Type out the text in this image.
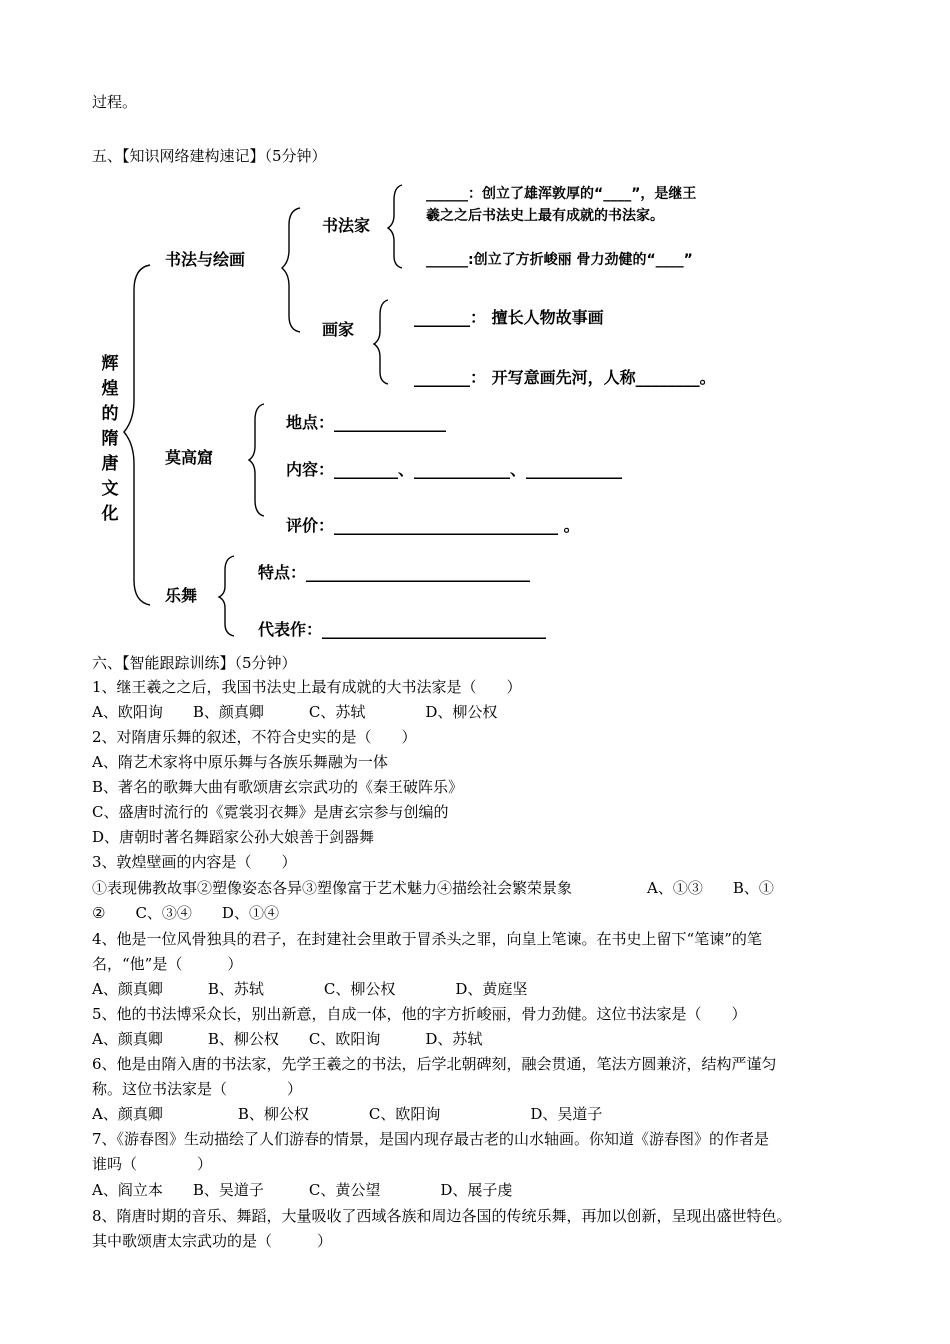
过程。
五、【知识网络建构速记】（5分钟）
辉
煌
的
隋
唐
文
化
书法与绘画
书法家
______：创立了雄浑敦厚的“____”，是继王
羲之之后书法史上最有成就的书法家。
______:创立了方折峻丽 骨力劲健的“____”
画家
_______： 擅长人物故事画
_______： 开写意画先河，人称________。
莫高窟
地点：______________
内容：________、____________、____________
评价：____________________________ 。
乐舞
特点：____________________________
代表作：____________________________
六、【智能跟踪训练】（5分钟）
1、继王羲之之后，我国书法史上最有成就的大书法家是（　　）
A、欧阳询　　B、颜真卿　　　C、苏轼　　　　D、柳公权
2、对隋唐乐舞的叙述，不符合史实的是（　　）
A、隋艺术家将中原乐舞与各族乐舞融为一体
B、著名的歌舞大曲有歌颂唐玄宗武功的《秦王破阵乐》
C、盛唐时流行的《霓裳羽衣舞》是唐玄宗参与创编的
D、唐朝时著名舞蹈家公孙大娘善于剑器舞
3、敦煌壁画的内容是（　　）
①表现佛教故事②塑像姿态各异③塑像富于艺术魅力④描绘社会繁荣景象　　　　　A、①③　　B、①
②　　C、③④　　D、①④
4、他是一位风骨独具的君子，在封建社会里敢于冒杀头之罪，向皇上笔谏。在书史上留下“笔谏”的笔
名，“他”是（　　　）
A、颜真卿　　　B、苏轼　　　　C、柳公权　　　　D、黄庭坚
5、他的书法博采众长，别出新意，自成一体，他的字方折峻丽，骨力劲健。这位书法家是（　　）
A、颜真卿　　　B、柳公权　　C、欧阳询　　　D、苏轼
6、他是由隋入唐的书法家，先学王羲之的书法，后学北朝碑刻，融会贯通，笔法方圆兼济，结构严谨匀
称。这位书法家是（　　　　）
A、颜真卿　　　　　B、柳公权　　　　C、欧阳询　　　　　　D、吴道子
7、《游春图》生动描绘了人们游春的情景，是国内现存最古老的山水轴画。你知道《游春图》的作者是
谁吗（　　　　）
A、阎立本　　B、吴道子　　　C、黄公望　　　　D、展子虔
8、隋唐时期的音乐、舞蹈，大量吸收了西域各族和周边各国的传统乐舞，再加以创新，呈现出盛世特色。
其中歌颂唐太宗武功的是（　　　）
